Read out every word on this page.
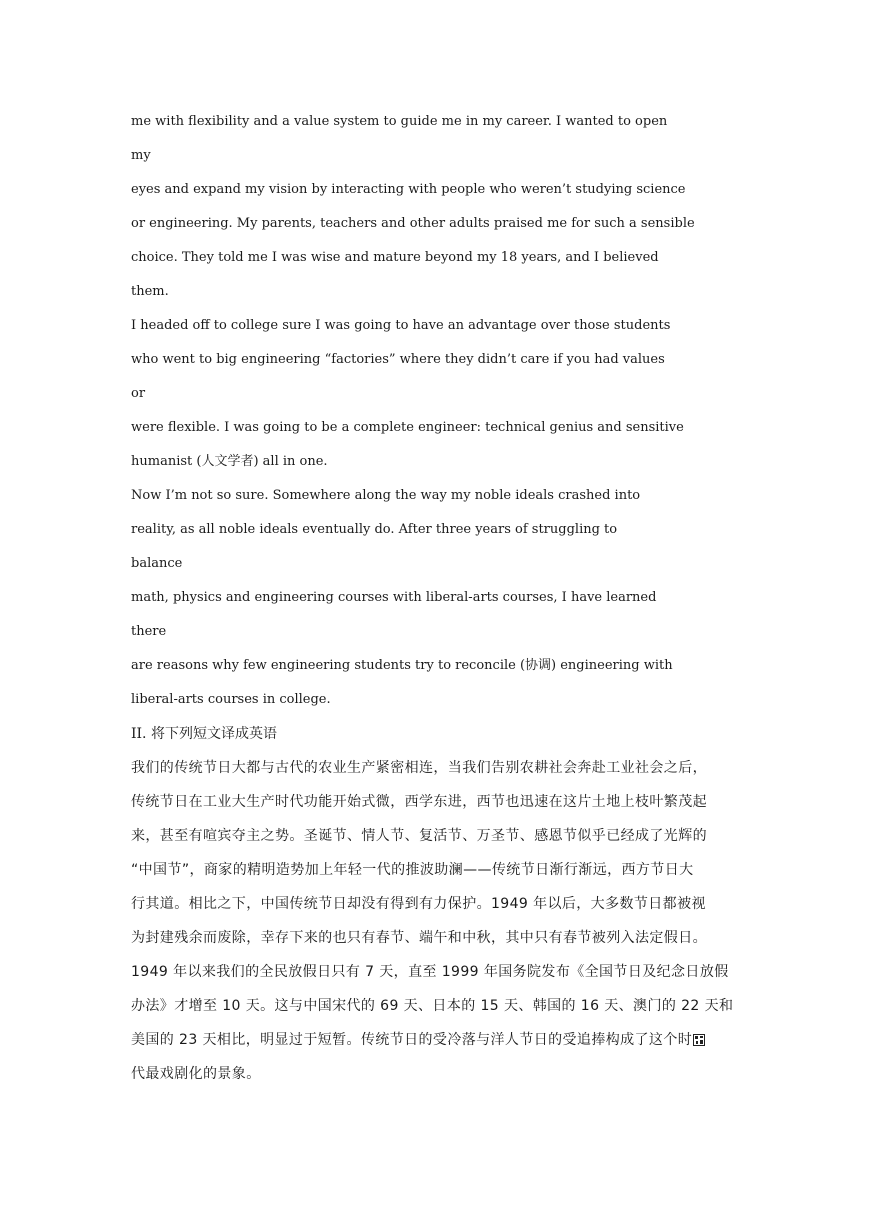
me with flexibility and a value system to guide me in my career. I wanted to open
my
eyes and expand my vision by interacting with people who weren’t studying science
or engineering. My parents, teachers and other adults praised me for such a sensible
choice. They told me I was wise and mature beyond my 18 years, and I believed
them.
I headed off to college sure I was going to have an advantage over those students
who went to big engineering “factories” where they didn’t care if you had values
or
were flexible. I was going to be a complete engineer: technical genius and sensitive
humanist (人文学者) all in one.
Now I’m not so sure. Somewhere along the way my noble ideals crashed into
reality, as all noble ideals eventually do. After three years of struggling to
balance
math, physics and engineering courses with liberal-arts courses, I have learned
there
are reasons why few engineering students try to reconcile (协调) engineering with
liberal-arts courses in college.
II. 将下列短文译成英语
我们的传统节日大都与古代的农业生产紧密相连，当我们告别农耕社会奔赴工业社会之后，
传统节日在工业大生产时代功能开始式微，西学东进，西节也迅速在这片土地上枝叶繁茂起
来，甚至有喧宾夺主之势。圣诞节、情人节、复活节、万圣节、感恩节似乎已经成了光辉的
“中国节”，商家的精明造势加上年轻一代的推波助澜——传统节日渐行渐远，西方节日大
行其道。相比之下，中国传统节日却没有得到有力保护。1949 年以后，大多数节日都被视
为封建残余而废除，幸存下来的也只有春节、端午和中秋，其中只有春节被列入法定假日。
1949 年以来我们的全民放假日只有 7 天，直至 1999 年国务院发布《全国节日及纪念日放假
办法》才增至 10 天。这与中国宋代的 69 天、日本的 15 天、韩国的 16 天、澳门的 22 天和
美国的 23 天相比，明显过于短暂。传统节日的受冷落与洋人节日的受追捧构成了这个时
代最戏剧化的景象。
